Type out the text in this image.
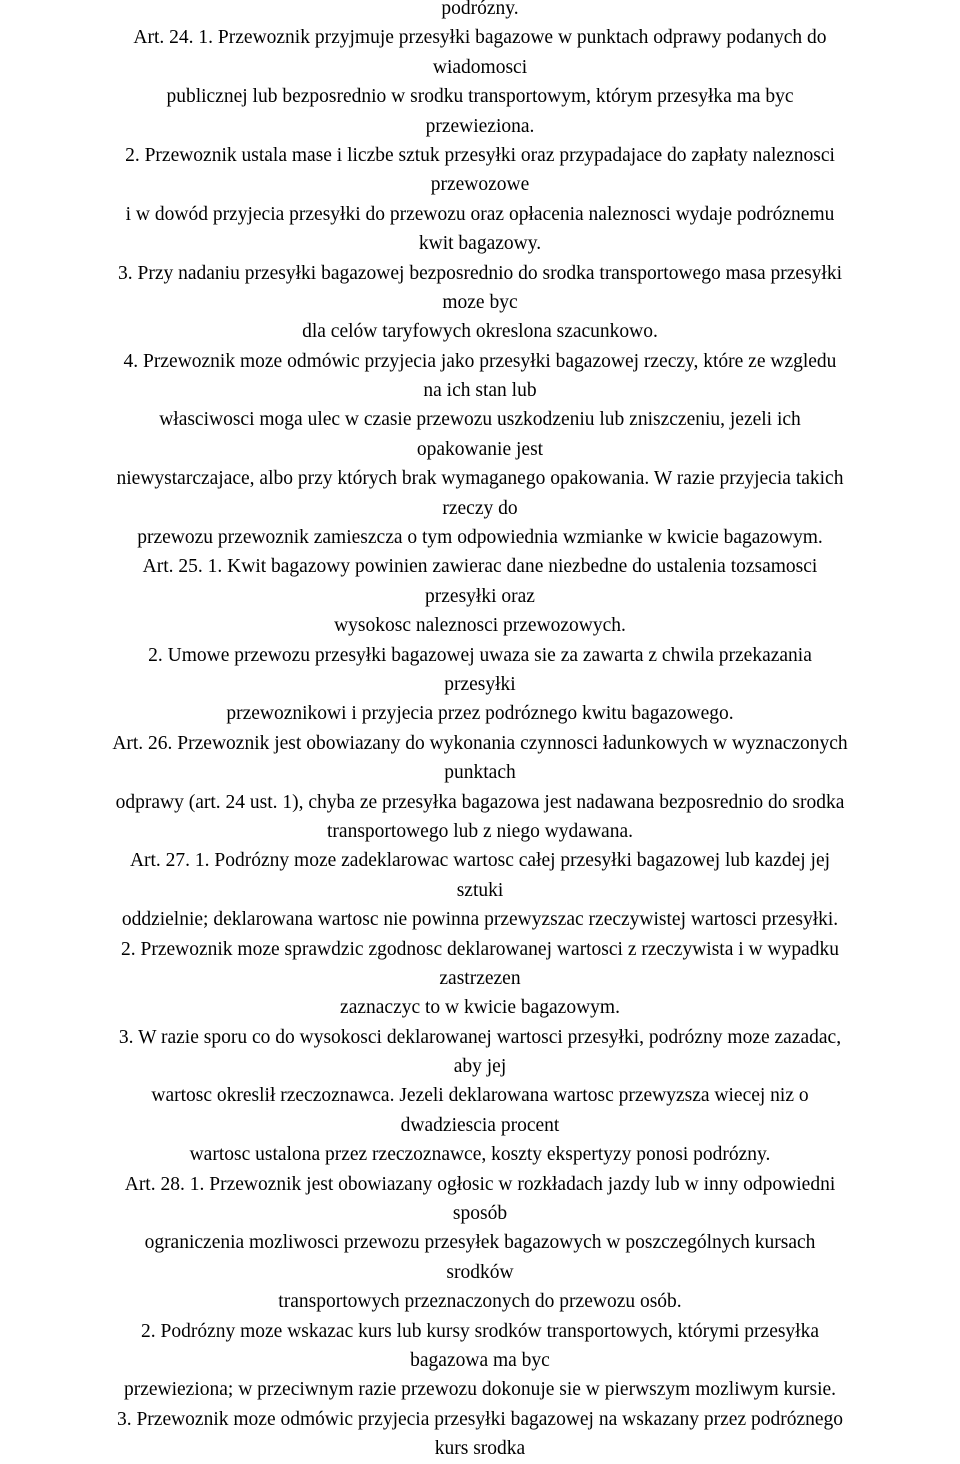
podrózny.
Art. 24. 1. Przewoznik przyjmuje przesyłki bagazowe w punktach odprawy podanych do
wiadomosci
publicznej lub bezposrednio w srodku transportowym, którym przesyłka ma byc
przewieziona.
2. Przewoznik ustala mase i liczbe sztuk przesyłki oraz przypadajace do zapłaty naleznosci
przewozowe
i w dowód przyjecia przesyłki do przewozu oraz opłacenia naleznosci wydaje podróznemu
kwit bagazowy.
3. Przy nadaniu przesyłki bagazowej bezposrednio do srodka transportowego masa przesyłki
moze byc
dla celów taryfowych okreslona szacunkowo.
4. Przewoznik moze odmówic przyjecia jako przesyłki bagazowej rzeczy, które ze wzgledu
na ich stan lub
własciwosci moga ulec w czasie przewozu uszkodzeniu lub zniszczeniu, jezeli ich
opakowanie jest
niewystarczajace, albo przy których brak wymaganego opakowania. W razie przyjecia takich
rzeczy do
przewozu przewoznik zamieszcza o tym odpowiednia wzmianke w kwicie bagazowym.
Art. 25. 1. Kwit bagazowy powinien zawierac dane niezbedne do ustalenia tozsamosci
przesyłki oraz
wysokosc naleznosci przewozowych.
2. Umowe przewozu przesyłki bagazowej uwaza sie za zawarta z chwila przekazania
przesyłki
przewoznikowi i przyjecia przez podróznego kwitu bagazowego.
Art. 26. Przewoznik jest obowiazany do wykonania czynnosci ładunkowych w wyznaczonych
punktach
odprawy (art. 24 ust. 1), chyba ze przesyłka bagazowa jest nadawana bezposrednio do srodka
transportowego lub z niego wydawana.
Art. 27. 1. Podrózny moze zadeklarowac wartosc całej przesyłki bagazowej lub kazdej jej
sztuki
oddzielnie; deklarowana wartosc nie powinna przewyzszac rzeczywistej wartosci przesyłki.
2. Przewoznik moze sprawdzic zgodnosc deklarowanej wartosci z rzeczywista i w wypadku
zastrzezen
zaznaczyc to w kwicie bagazowym.
3. W razie sporu co do wysokosci deklarowanej wartosci przesyłki, podrózny moze zazadac,
aby jej
wartosc okreslił rzeczoznawca. Jezeli deklarowana wartosc przewyzsza wiecej niz o
dwadziescia procent
wartosc ustalona przez rzeczoznawce, koszty ekspertyzy ponosi podrózny.
Art. 28. 1. Przewoznik jest obowiazany ogłosic w rozkładach jazdy lub w inny odpowiedni
sposób
ograniczenia mozliwosci przewozu przesyłek bagazowych w poszczególnych kursach
srodków
transportowych przeznaczonych do przewozu osób.
2. Podrózny moze wskazac kurs lub kursy srodków transportowych, którymi przesyłka
bagazowa ma byc
przewieziona; w przeciwnym razie przewozu dokonuje sie w pierwszym mozliwym kursie.
3. Przewoznik moze odmówic przyjecia przesyłki bagazowej na wskazany przez podróznego
kurs srodka
